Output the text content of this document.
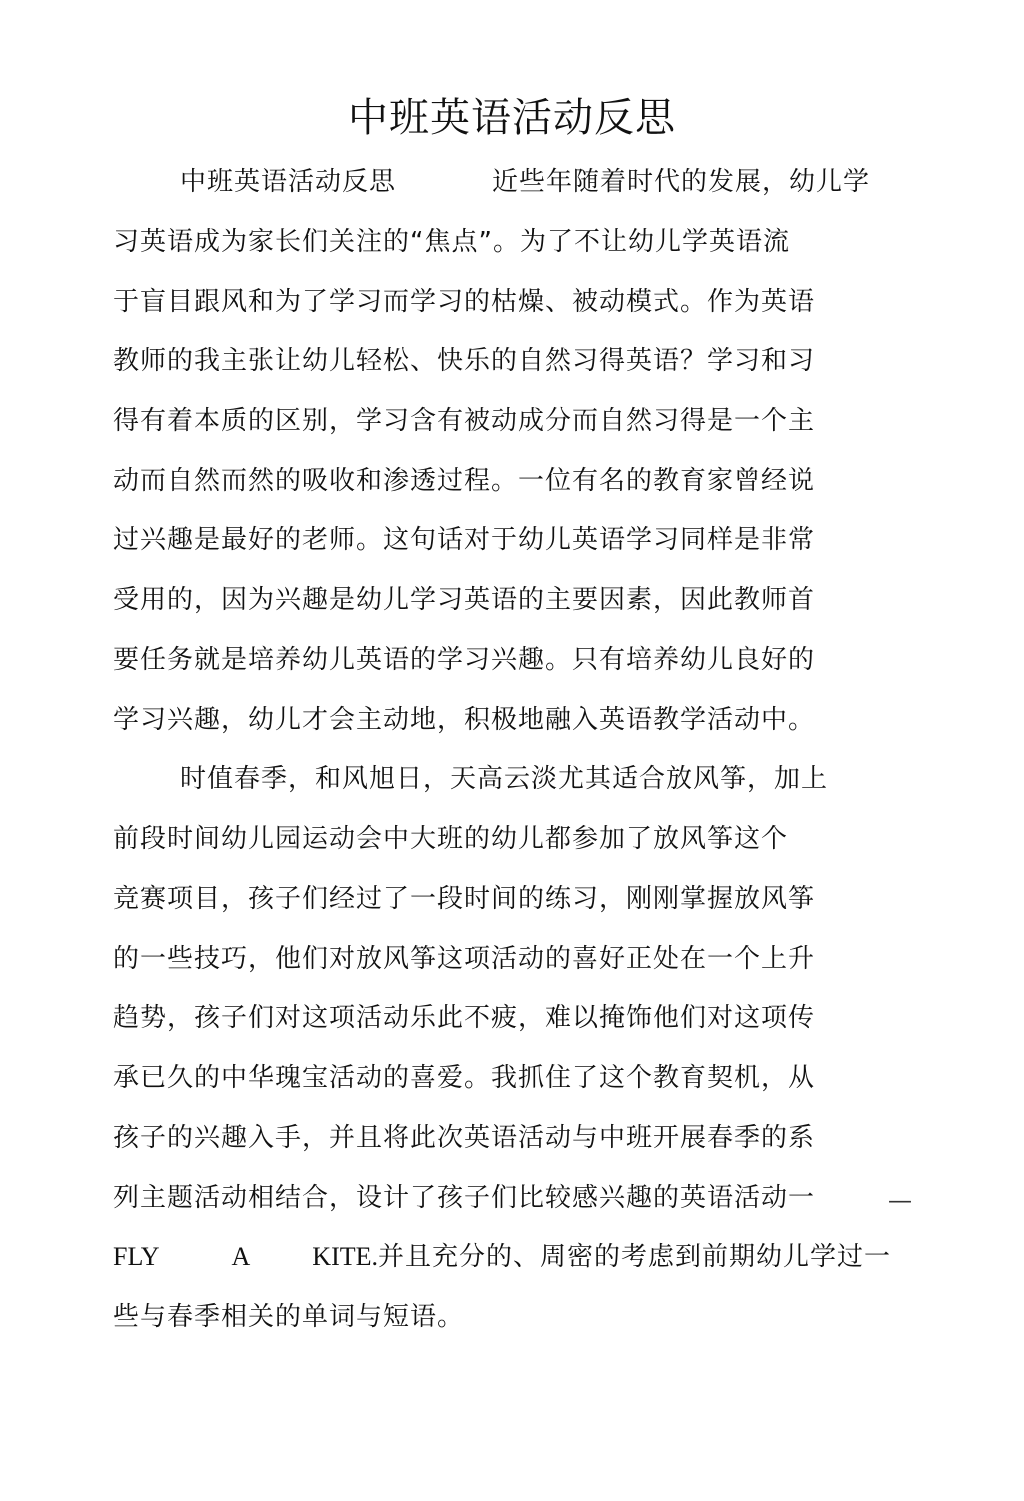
中班英语活动反思
中班英语活动反思	近些年随着时代的发展，幼儿学
习英语成为家长们关注的“焦点”。为了不让幼儿学英语流
于盲目跟风和为了学习而学习的枯燥、被动模式。作为英语
教师的我主张让幼儿轻松、快乐的自然习得英语？学习和习
得有着本质的区别，学习含有被动成分而自然习得是一个主
动而自然而然的吸收和渗透过程。一位有名的教育家曾经说
过兴趣是最好的老师。这句话对于幼儿英语学习同样是非常
受用的，因为兴趣是幼儿学习英语的主要因素，因此教师首
要任务就是培养幼儿英语的学习兴趣。只有培养幼儿良好的
学习兴趣，幼儿才会主动地，积极地融入英语教学活动中。
时值春季，和风旭日，天高云淡尤其适合放风筝，加上
前段时间幼儿园运动会中大班的幼儿都参加了放风筝这个
竞赛项目，孩子们经过了一段时间的练习，刚刚掌握放风筝
的一些技巧，他们对放风筝这项活动的喜好正处在一个上升
趋势，孩子们对这项活动乐此不疲，难以掩饰他们对这项传
承已久的中华瑰宝活动的喜爱。我抓住了这个教育契机，从
孩子的兴趣入手，并且将此次英语活动与中班开展春季的系
列主题活动相结合，设计了孩子们比较感兴趣的英语活动一	—
FLY	A KITE.并且充分的、周密的考虑到前期幼儿学过一
些与春季相关的单词与短语。
